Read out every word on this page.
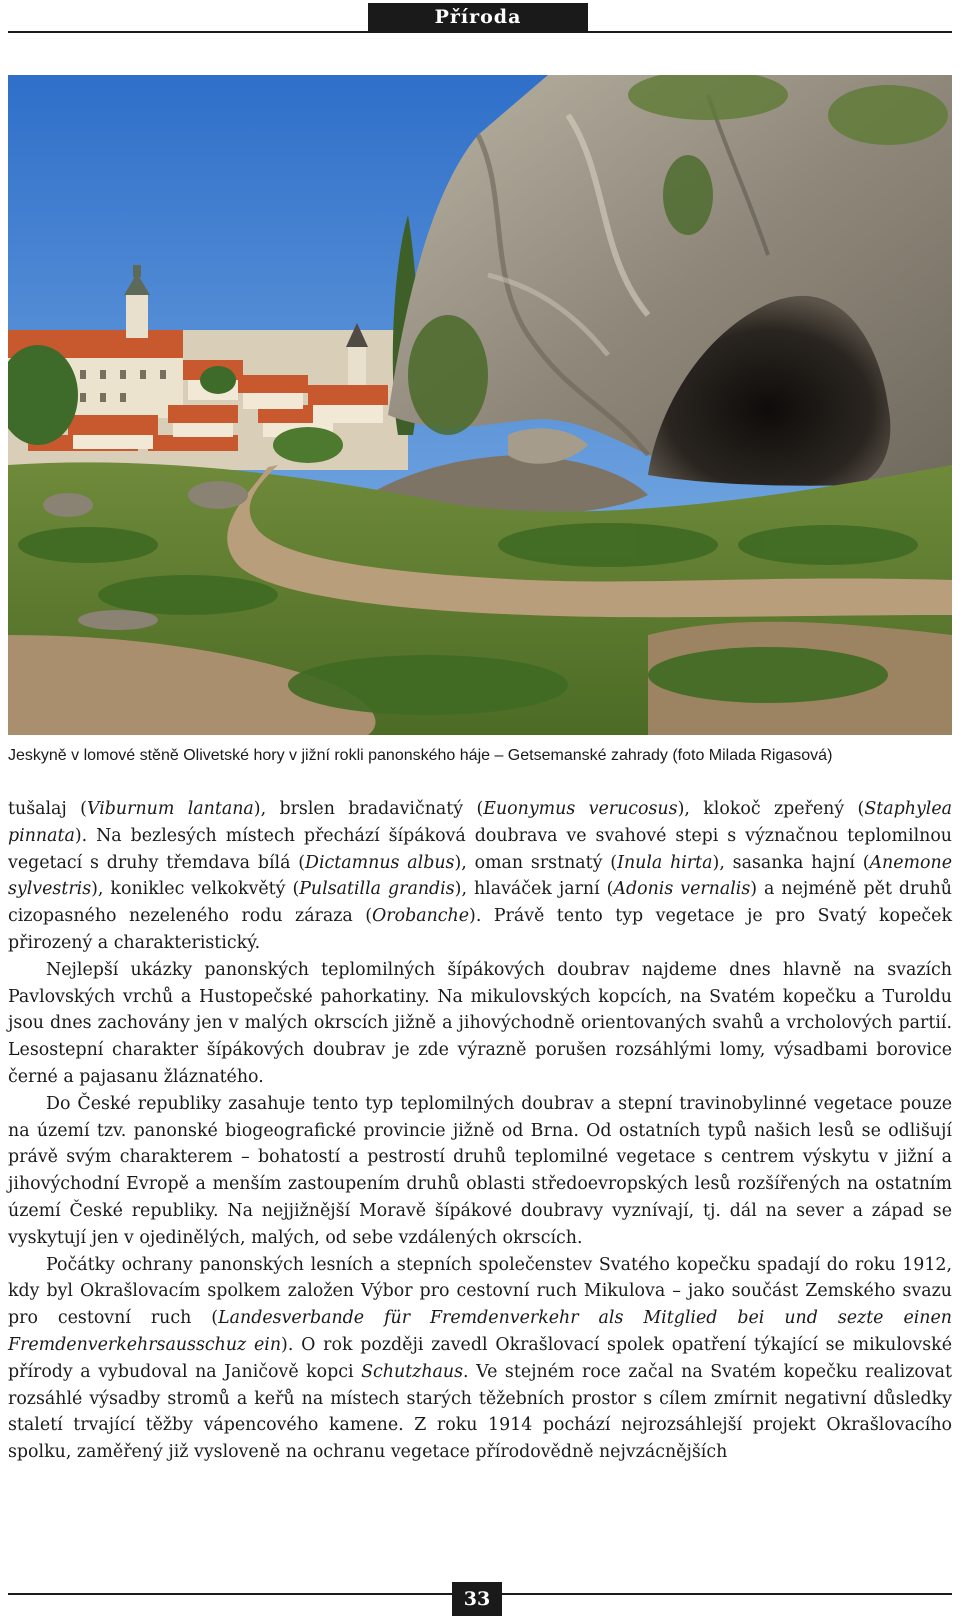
Příroda
Jeskyně v lomové stěně Olivetské hory v jižní rokli panonského háje – Getsemanské zahrady (foto Milada Rigasová)

tušalaj (Viburnum lantana), brslen bradavičnatý (Euonymus verucosus), klokoč zpeřený (Staphylea pinnata). Na bezlesých místech přechází šípáková doubrava ve svahové stepi s význačnou teplomilnou vegetací s druhy třemdava bílá (Dictamnus albus), oman srstnatý (Inula hirta), sasanka hajní (Anemone sylvestris), koniklec velkokvětý (Pulsatilla grandis), hlaváček jarní (Adonis vernalis) a nejméně pět druhů cizopasného nezeleného rodu záraza (Orobanche). Právě tento typ vegetace je pro Svatý kopeček přirozený a charakteristický.

Nejlepší ukázky panonských teplomilných šípákových doubrav najdeme dnes hlavně na svazích Pavlovských vrchů a Hustopečské pahorkatiny. Na mikulovských kopcích, na Svatém kopečku a Turoldu jsou dnes zachovány jen v malých okrscích jižně a jihovýchodně orientovaných svahů a vrcholových partií. Lesostepní charakter šípákových doubrav je zde výrazně porušen rozsáhlými lomy, výsadbami borovice černé a pajasanu žláznatého.

Do České republiky zasahuje tento typ teplomilných doubrav a stepní travinobylinné vegetace pouze na území tzv. panonské biogeografické provincie jižně od Brna. Od ostatních typů našich lesů se odlišují právě svým charakterem – bohatostí a pestrostí druhů teplomilné vegetace s centrem výskytu v jižní a jihovýchodní Evropě a menším zastoupením druhů oblasti středoevropských lesů rozšířených na ostatním území České republiky. Na nejjižnější Moravě šípákové doubravy vyznívají, tj. dál na sever a západ se vyskytují jen v ojedinělých, malých, od sebe vzdálených okrscích.

Počátky ochrany panonských lesních a stepních společenstev Svatého kopečku spadají do roku 1912, kdy byl Okrašlovacím spolkem založen Výbor pro cestovní ruch Mikulova – jako součást Zemského svazu pro cestovní ruch (Landesverbande für Fremdenverkehr als Mitglied bei und sezte einen Fremdenverkehrsausschuz ein). O rok později zavedl Okrašlovací spolek opatření týkající se mikulovské přírody a vybudoval na Janičově kopci Schutzhaus. Ve stejném roce začal na Svatém kopečku realizovat rozsáhlé výsadby stromů a keřů na místech starých těžebních prostor s cílem zmírnit negativní důsledky staletí trvající těžby vápencového kamene. Z roku 1914 pochází nejrozsáhlejší projekt Okrašlovacího spolku, zaměřený již vysloveně na ochranu vegetace přírodovědně nejvzácnějších

33
